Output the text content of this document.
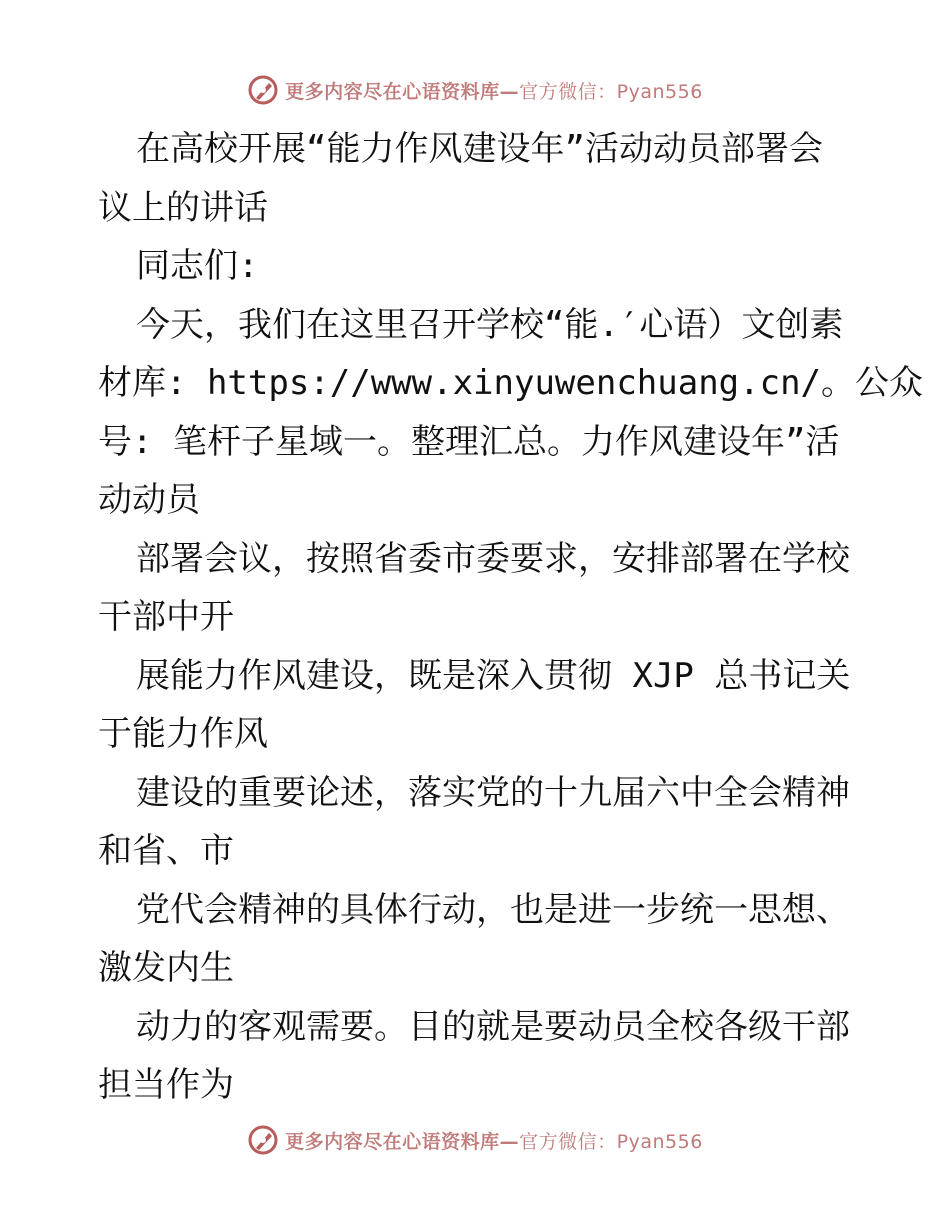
更多内容尽在心语资料库— 官方微信：Pyan556
在高校开展“能力作风建设年”活动动员部署会
议上的讲话
同志们:
今天，我们在这里召开学校“能.′心语）文创素
材库: https://www.xinyuwenchuang.cn/。公众
号: 笔杆子星域一。整理汇总。力作风建设年”活
动动员
部署会议，按照省委市委要求，安排部署在学校
干部中开
展能力作风建设，既是深入贯彻 XJP 总书记关
于能力作风
建设的重要论述，落实党的十九届六中全会精神
和省、市
党代会精神的具体行动，也是进一步统一思想、
激发内生
动力的客观需要。目的就是要动员全校各级干部
担当作为
更多内容尽在心语资料库— 官方微信：Pyan556
